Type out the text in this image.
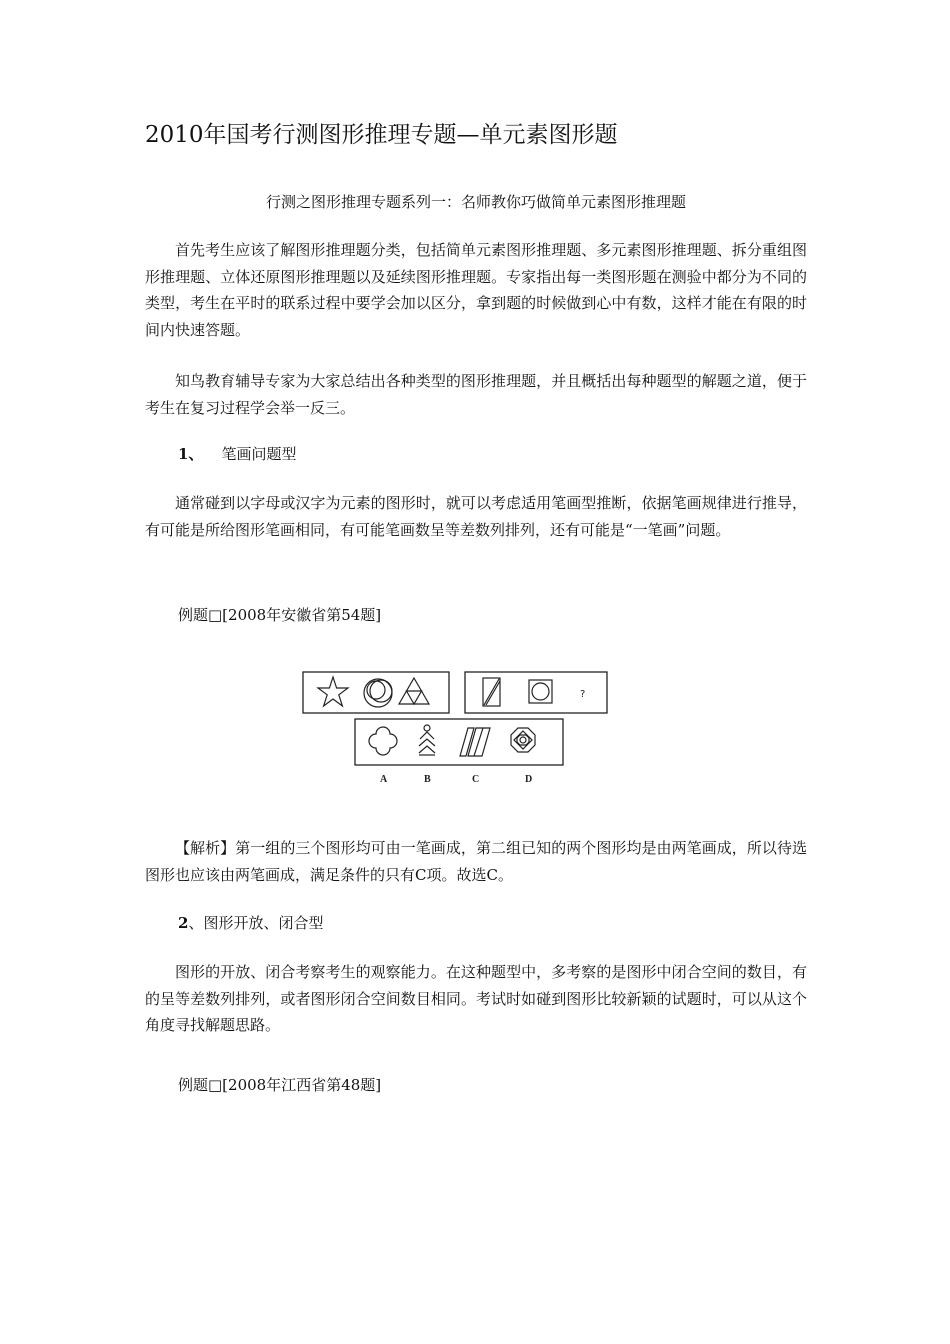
2010年国考行测图形推理专题—单元素图形题
行测之图形推理专题系列一：名师教你巧做简单元素图形推理题

首先考生应该了解图形推理题分类，包括简单元素图形推理题、多元素图形推理题、拆分重组图形推理题、立体还原图形推理题以及延续图形推理题。专家指出每一类图形题在测验中都分为不同的类型，考生在平时的联系过程中要学会加以区分，拿到题的时候做到心中有数，这样才能在有限的时间内快速答题。

知鸟教育辅导专家为大家总结出各种类型的图形推理题，并且概括出每种题型的解题之道，便于考生在复习过程学会举一反三。

1、 笔画问题型

通常碰到以字母或汉字为元素的图形时，就可以考虑适用笔画型推断，依据笔画规律进行推导，有可能是所给图形笔画相同，有可能笔画数呈等差数列排列，还有可能是“一笔画”问题。

例题□[2008年安徽省第54题]
?
A	B	C	D

【解析】第一组的三个图形均可由一笔画成，第二组已知的两个图形均是由两笔画成，所以待选图形也应该由两笔画成，满足条件的只有C项。故选C。

2、图形开放、闭合型

图形的开放、闭合考察考生的观察能力。在这种题型中，多考察的是图形中闭合空间的数目，有的呈等差数列排列，或者图形闭合空间数目相同。考试时如碰到图形比较新颖的试题时，可以从这个角度寻找解题思路。

例题□[2008年江西省第48题]
